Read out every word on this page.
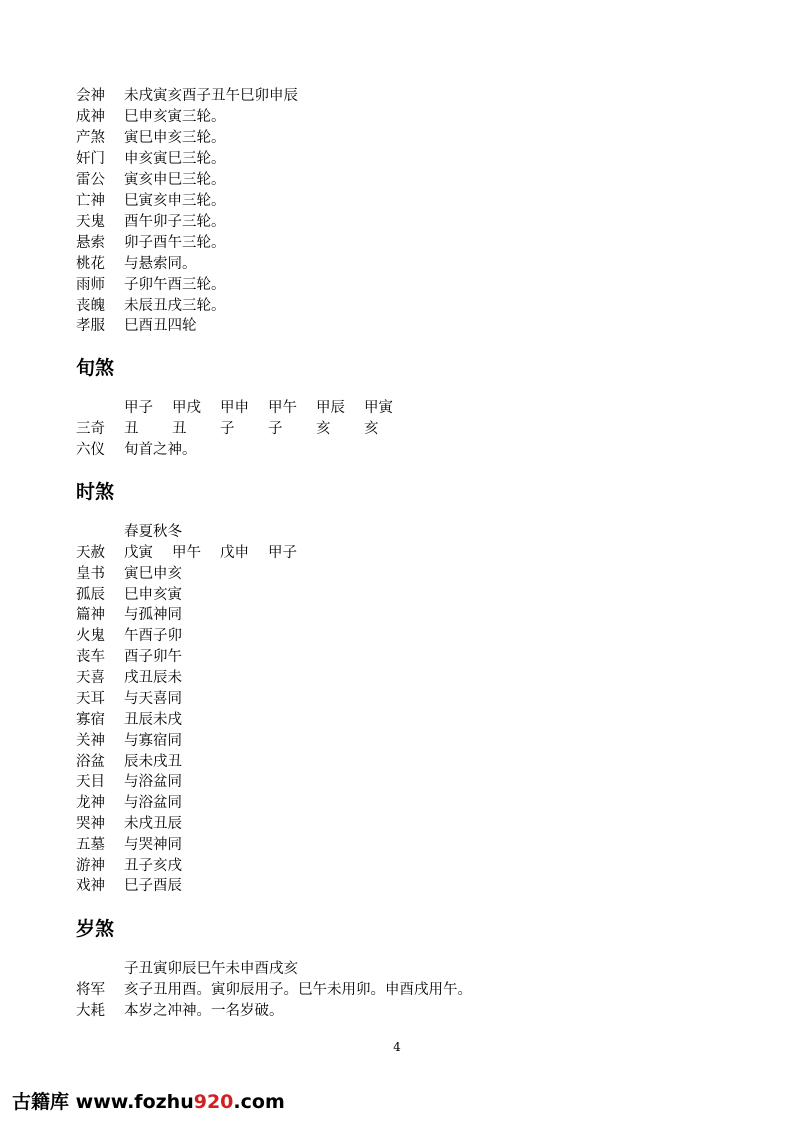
会神 未戌寅亥酉子丑午巳卯申辰
成神 巳申亥寅三轮。
产煞 寅巳申亥三轮。
奸门 申亥寅巳三轮。
雷公 寅亥申巳三轮。
亡神 巳寅亥申三轮。
天鬼 酉午卯子三轮。
悬索 卯子酉午三轮。
桃花 与悬索同。
雨师 子卯午酉三轮。
丧魄 未辰丑戌三轮。
孝服 巳酉丑四轮
旬煞
甲子 甲戌 甲申 甲午 甲辰 甲寅
三奇 丑 丑 子 子 亥 亥
六仪 旬首之神。
时煞
春夏秋冬
天赦 戊寅 甲午 戊申 甲子
皇书 寅巳申亥
孤辰 巳申亥寅
篇神 与孤神同
火鬼 午酉子卯
丧车 酉子卯午
天喜 戌丑辰未
天耳 与天喜同
寡宿 丑辰未戌
关神 与寡宿同
浴盆 辰未戌丑
天目 与浴盆同
龙神 与浴盆同
哭神 未戌丑辰
五墓 与哭神同
游神 丑子亥戌
戏神 巳子酉辰
岁煞
子丑寅卯辰巳午未申酉戌亥
将军 亥子丑用酉。寅卯辰用子。巳午未用卯。申酉戌用午。
大耗 本岁之冲神。一名岁破。
4
古籍库 www.fozhu920.com
